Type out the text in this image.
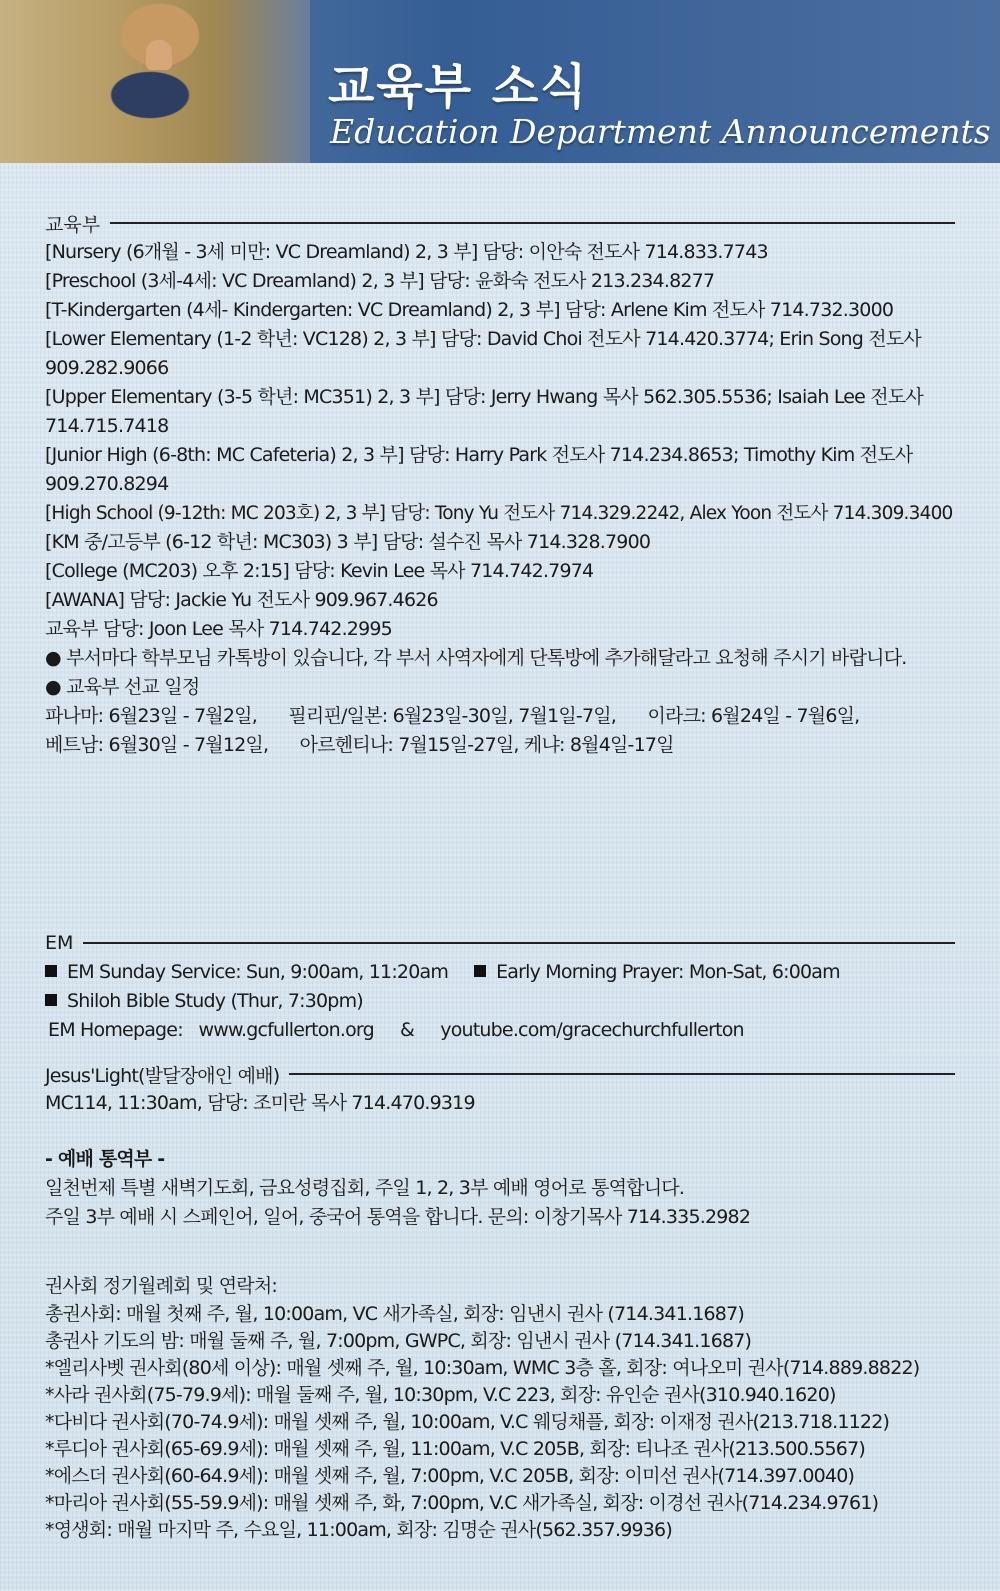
교육부 소식
Education Department Announcements
교육부
[Nursery (6개월 - 3세 미만: VC Dreamland) 2, 3 부] 담당: 이안숙 전도사 714.833.7743
[Preschool (3세-4세: VC Dreamland) 2, 3 부] 담당: 윤화숙 전도사 213.234.8277
[T-Kindergarten (4세- Kindergarten: VC Dreamland) 2, 3 부] 담당: Arlene Kim 전도사 714.732.3000
[Lower Elementary (1-2 학년: VC128) 2, 3 부] 담당: David Choi 전도사 714.420.3774; Erin Song 전도사
909.282.9066
[Upper Elementary (3-5 학년: MC351) 2, 3 부] 담당: Jerry Hwang 목사 562.305.5536; Isaiah Lee 전도사
714.715.7418
[Junior High (6-8th: MC Cafeteria) 2, 3 부] 담당: Harry Park 전도사 714.234.8653; Timothy Kim 전도사
909.270.8294
[High School (9-12th: MC 203호) 2, 3 부] 담당: Tony Yu 전도사 714.329.2242, Alex Yoon 전도사 714.309.3400
[KM 중/고등부 (6-12 학년: MC303) 3 부] 담당: 설수진 목사 714.328.7900
[College (MC203) 오후 2:15] 담당: Kevin Lee 목사 714.742.7974
[AWANA] 담당: Jackie Yu 전도사 909.967.4626
교육부 담당: Joon Lee 목사 714.742.2995
● 부서마다 학부모님 카톡방이 있습니다, 각 부서 사역자에게 단톡방에 추가해달라고 요청해 주시기 바랍니다.
● 교육부 선교 일정
파나마: 6월23일 - 7월2일,      필리핀/일본: 6월23일-30일, 7월1일-7일,      이라크: 6월24일 - 7월6일,
베트남: 6월30일 - 7월12일,      아르헨티나: 7월15일-27일, 케냐: 8월4일-17일
EM
EM Sunday Service: Sun, 9:00am, 11:20am	Early Morning Prayer: Mon-Sat, 6:00am
Shiloh Bible Study (Thur, 7:30pm)
EM Homepage:   www.gcfullerton.org     &     youtube.com/gracechurchfullerton
Jesus'Light(발달장애인 예배)
MC114, 11:30am, 담당: 조미란 목사 714.470.9319
- 예배 통역부 -
일천번제 특별 새벽기도회, 금요성령집회, 주일 1, 2, 3부 예배 영어로 통역합니다.
주일 3부 예배 시 스페인어, 일어, 중국어 통역을 합니다. 문의: 이창기목사 714.335.2982
권사회 정기월례회 및 연락처:
총권사회: 매월 첫째 주, 월, 10:00am, VC 새가족실, 회장: 임낸시 권사 (714.341.1687)
총권사 기도의 밤: 매월 둘째 주, 월, 7:00pm, GWPC, 회장: 임낸시 권사 (714.341.1687)
*엘리사벳 권사회(80세 이상): 매월 셋째 주, 월, 10:30am, WMC 3층 홀, 회장: 여나오미 권사(714.889.8822)
*사라 권사회(75-79.9세): 매월 둘째 주, 월, 10:30pm, V.C 223, 회장: 유인순 권사(310.940.1620)
*다비다 권사회(70-74.9세): 매월 셋째 주, 월, 10:00am, V.C 웨딩채플, 회장: 이재정 권사(213.718.1122)
*루디아 권사회(65-69.9세): 매월 셋째 주, 월, 11:00am, V.C 205B, 회장: 티나조 권사(213.500.5567)
*에스더 권사회(60-64.9세): 매월 셋째 주, 월, 7:00pm, V.C 205B, 회장: 이미선 권사(714.397.0040)
*마리아 권사회(55-59.9세): 매월 셋째 주, 화, 7:00pm, V.C 새가족실, 회장: 이경선 권사(714.234.9761)
*영생회: 매월 마지막 주, 수요일, 11:00am, 회장: 김명순 권사(562.357.9936)
